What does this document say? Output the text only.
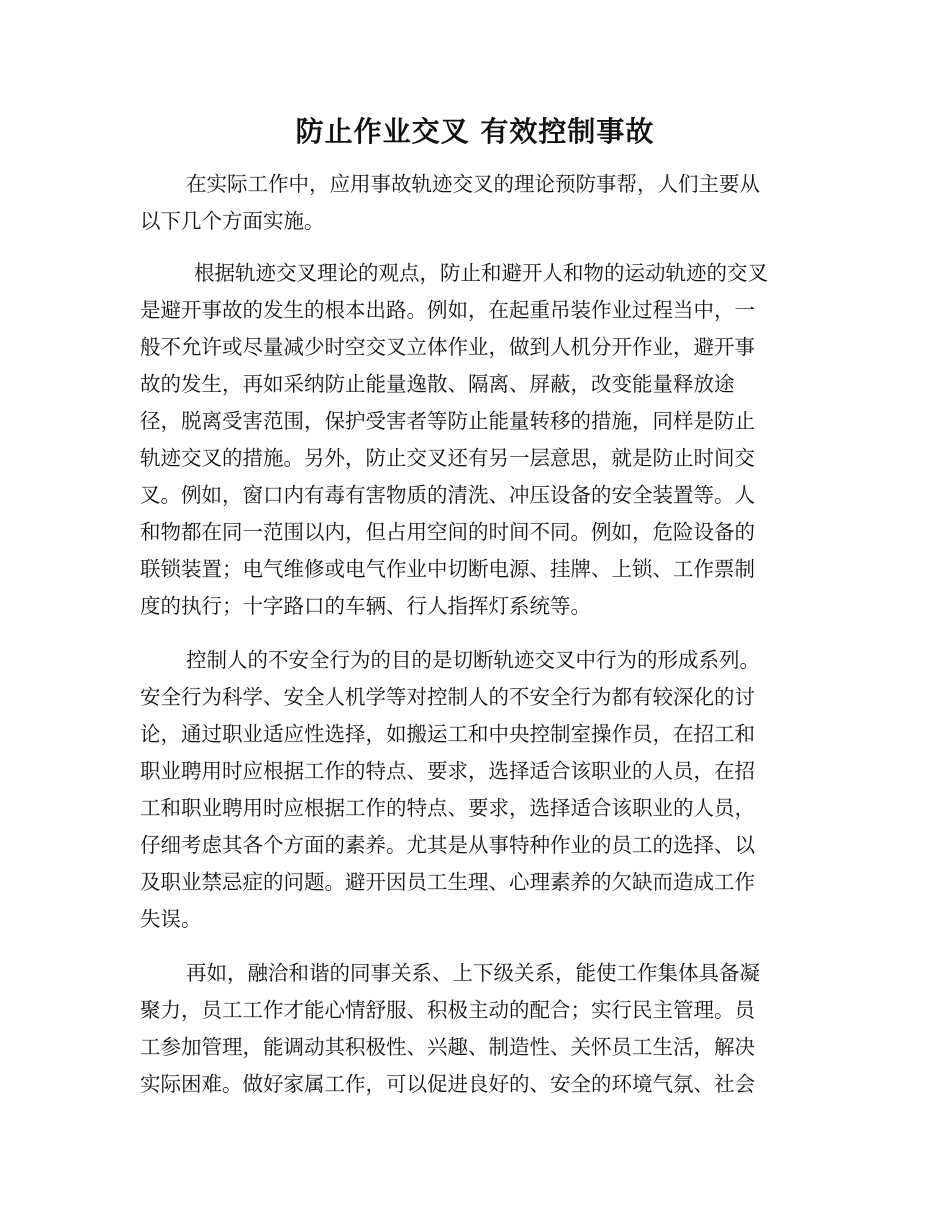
防止作业交叉 有效控制事故
在实际工作中，应用事故轨迹交叉的理论预防事帮，人们主要从
以下几个方面实施。
根据轨迹交叉理论的观点，防止和避开人和物的运动轨迹的交叉
是避开事故的发生的根本出路。例如，在起重吊装作业过程当中，一
般不允许或尽量减少时空交叉立体作业，做到人机分开作业，避开事
故的发生，再如采纳防止能量逸散、隔离、屏蔽，改变能量释放途
径，脱离受害范围，保护受害者等防止能量转移的措施，同样是防止
轨迹交叉的措施。另外，防止交叉还有另一层意思，就是防止时间交
叉。例如，窗口内有毒有害物质的清洗、冲压设备的安全装置等。人
和物都在同一范围以内，但占用空间的时间不同。例如，危险设备的
联锁装置；电气维修或电气作业中切断电源、挂牌、上锁、工作票制
度的执行；十字路口的车辆、行人指挥灯系统等。
控制人的不安全行为的目的是切断轨迹交叉中行为的形成系列。
安全行为科学、安全人机学等对控制人的不安全行为都有较深化的讨
论，通过职业适应性选择，如搬运工和中央控制室操作员，在招工和
职业聘用时应根据工作的特点、要求，选择适合该职业的人员，在招
工和职业聘用时应根据工作的特点、要求，选择适合该职业的人员，
仔细考虑其各个方面的素养。尤其是从事特种作业的员工的选择、以
及职业禁忌症的问题。避开因员工生理、心理素养的欠缺而造成工作
失误。
再如，融洽和谐的同事关系、上下级关系，能使工作集体具备凝
聚力，员工工作才能心情舒服、积极主动的配合；实行民主管理。员
工参加管理，能调动其积极性、兴趣、制造性、关怀员工生活，解决
实际困难。做好家属工作，可以促进良好的、安全的环境气氛、社会
